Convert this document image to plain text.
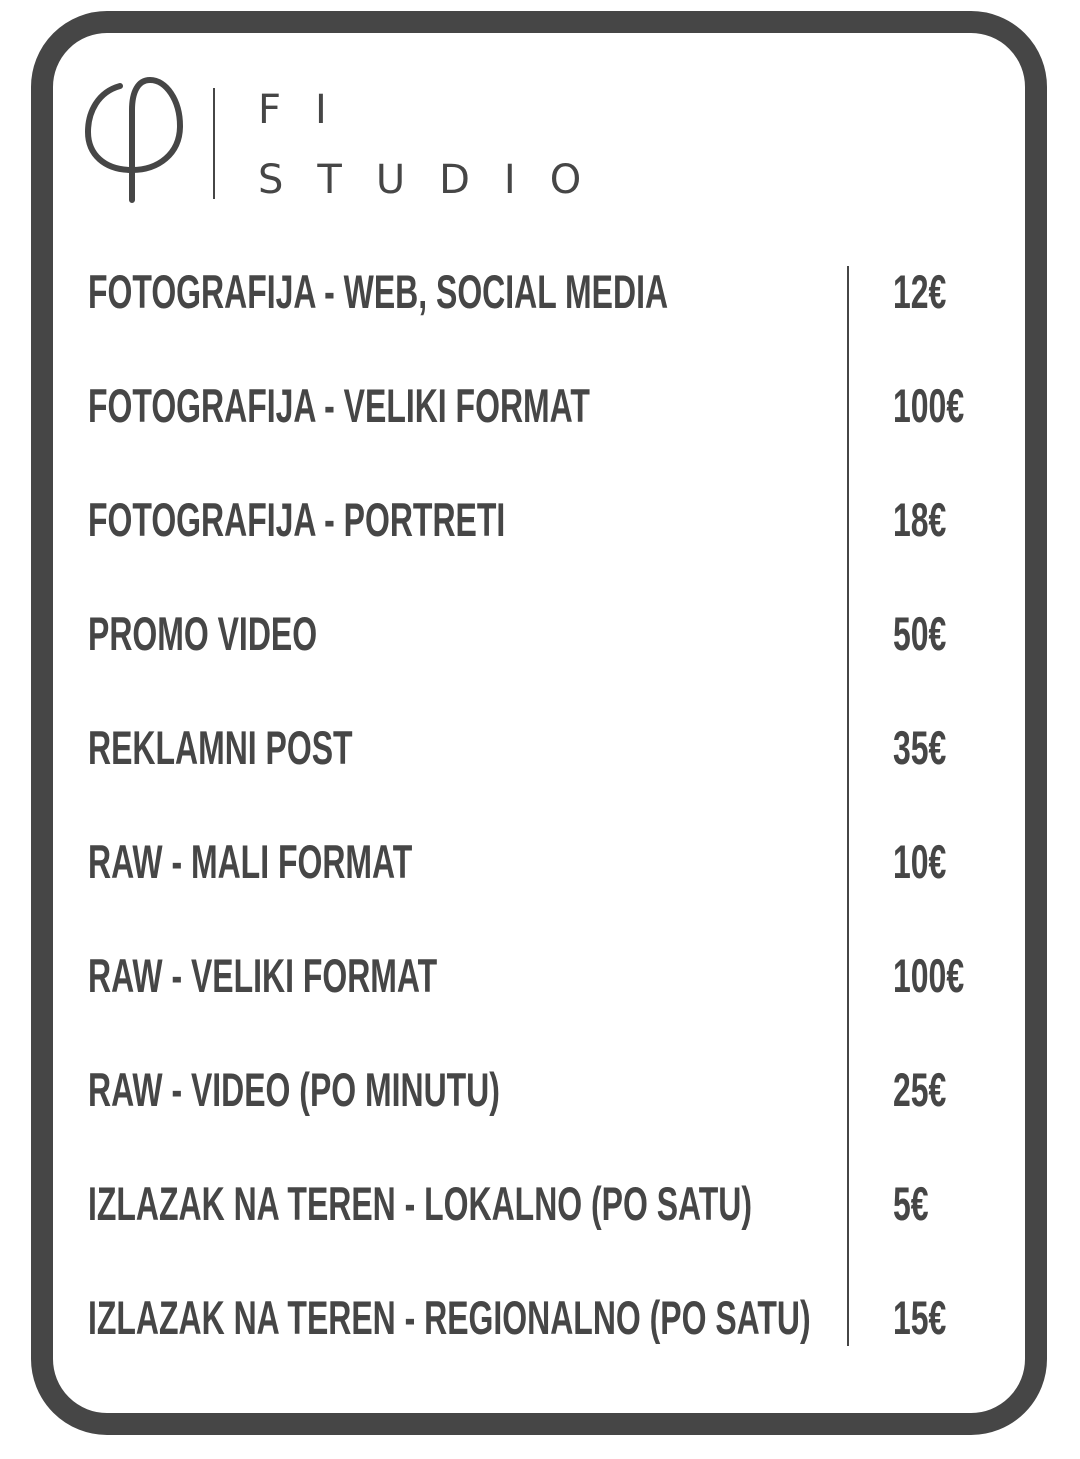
FI
STUDIO
FOTOGRAFIJA - WEB, SOCIAL MEDIA	12€
FOTOGRAFIJA - VELIKI FORMAT	100€
FOTOGRAFIJA - PORTRETI	18€
PROMO VIDEO	50€
REKLAMNI POST	35€
RAW - MALI FORMAT	10€
RAW - VELIKI FORMAT	100€
RAW - VIDEO (PO MINUTU)	25€
IZLAZAK NA TEREN - LOKALNO (PO SATU)	5€
IZLAZAK NA TEREN - REGIONALNO (PO SATU) 15€
